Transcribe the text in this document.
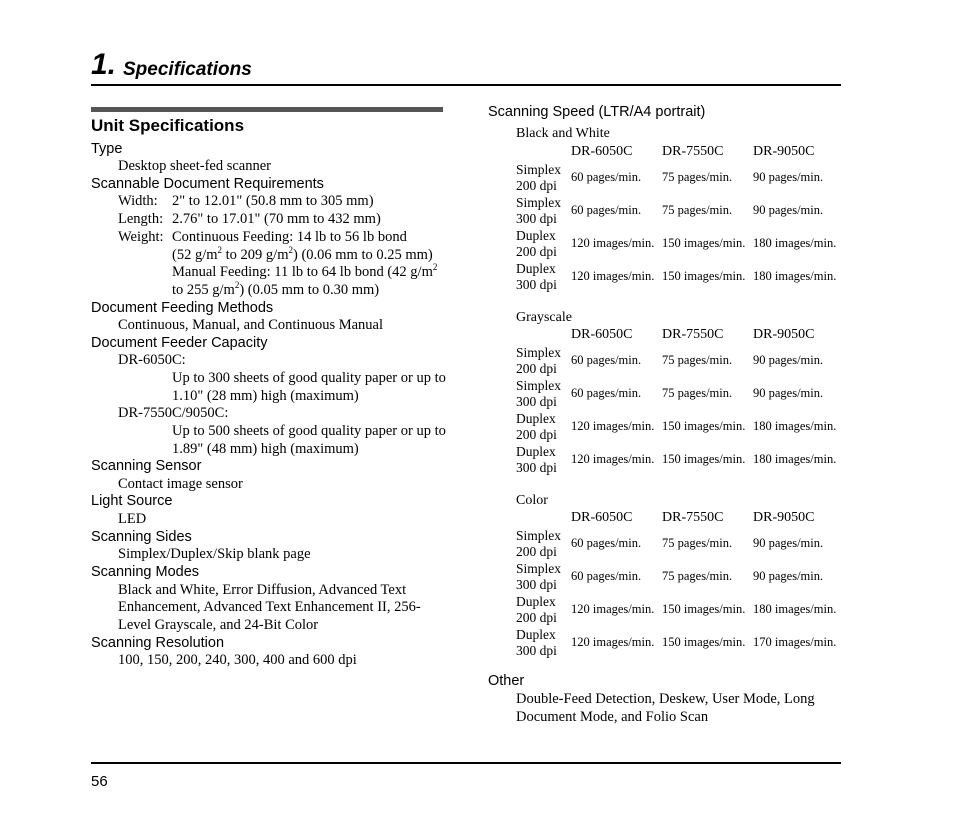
1. Specifications
Unit Specifications
Type
Desktop sheet-fed scanner
Scannable Document Requirements
Width: 2" to 12.01" (50.8 mm to 305 mm)
Length: 2.76" to 17.01" (70 mm to 432 mm)
Weight: Continuous Feeding: 14 lb to 56 lb bond
(52 $g/m^2$ to 209 $g/m^2$) (0.06 mm to 0.25 mm)
Manual Feeding: 11 lb to 64 lb bond (42 $g/m^2$
to 255 $g/m^2$) (0.05 mm to 0.30 mm)
Document Feeding Methods
Continuous, Manual, and Continuous Manual
Document Feeder Capacity
DR-6050C:
Up to 300 sheets of good quality paper or up to
1.10" (28 mm) high (maximum)
DR-7550C/9050C:
Up to 500 sheets of good quality paper or up to
1.89" (48 mm) high (maximum)
Scanning Sensor
Contact image sensor
Light Source
LED
Scanning Sides
Simplex/Duplex/Skip blank page
Scanning Modes
Black and White, Error Diffusion, Advanced Text
Enhancement, Advanced Text Enhancement II, 256-
Level Grayscale, and 24-Bit Color
Scanning Resolution
100, 150, 200, 240, 300, 400 and 600 dpi
Scanning Speed (LTR/A4 portrait)
Black and White
	DR-6050C	DR-7550C	DR-9050C
Simplex
200 dpi	60 pages/min.	75 pages/min.	90 pages/min.
Simplex
300 dpi	60 pages/min.	75 pages/min.	90 pages/min.
Duplex
200 dpi	120 images/min.	150 images/min.	180 images/min.
Duplex
300 dpi	120 images/min.	150 images/min.	180 images/min.
Grayscale
	DR-6050C	DR-7550C	DR-9050C
Simplex
200 dpi	60 pages/min.	75 pages/min.	90 pages/min.
Simplex
300 dpi	60 pages/min.	75 pages/min.	90 pages/min.
Duplex
200 dpi	120 images/min.	150 images/min.	180 images/min.
Duplex
300 dpi	120 images/min.	150 images/min.	180 images/min.
Color
	DR-6050C	DR-7550C	DR-9050C
Simplex
200 dpi	60 pages/min.	75 pages/min.	90 pages/min.
Simplex
300 dpi	60 pages/min.	75 pages/min.	90 pages/min.
Duplex
200 dpi	120 images/min.	150 images/min.	180 images/min.
Duplex
300 dpi	120 images/min.	150 images/min.	170 images/min.
Other
Double-Feed Detection, Deskew, User Mode, Long
Document Mode, and Folio Scan
56
